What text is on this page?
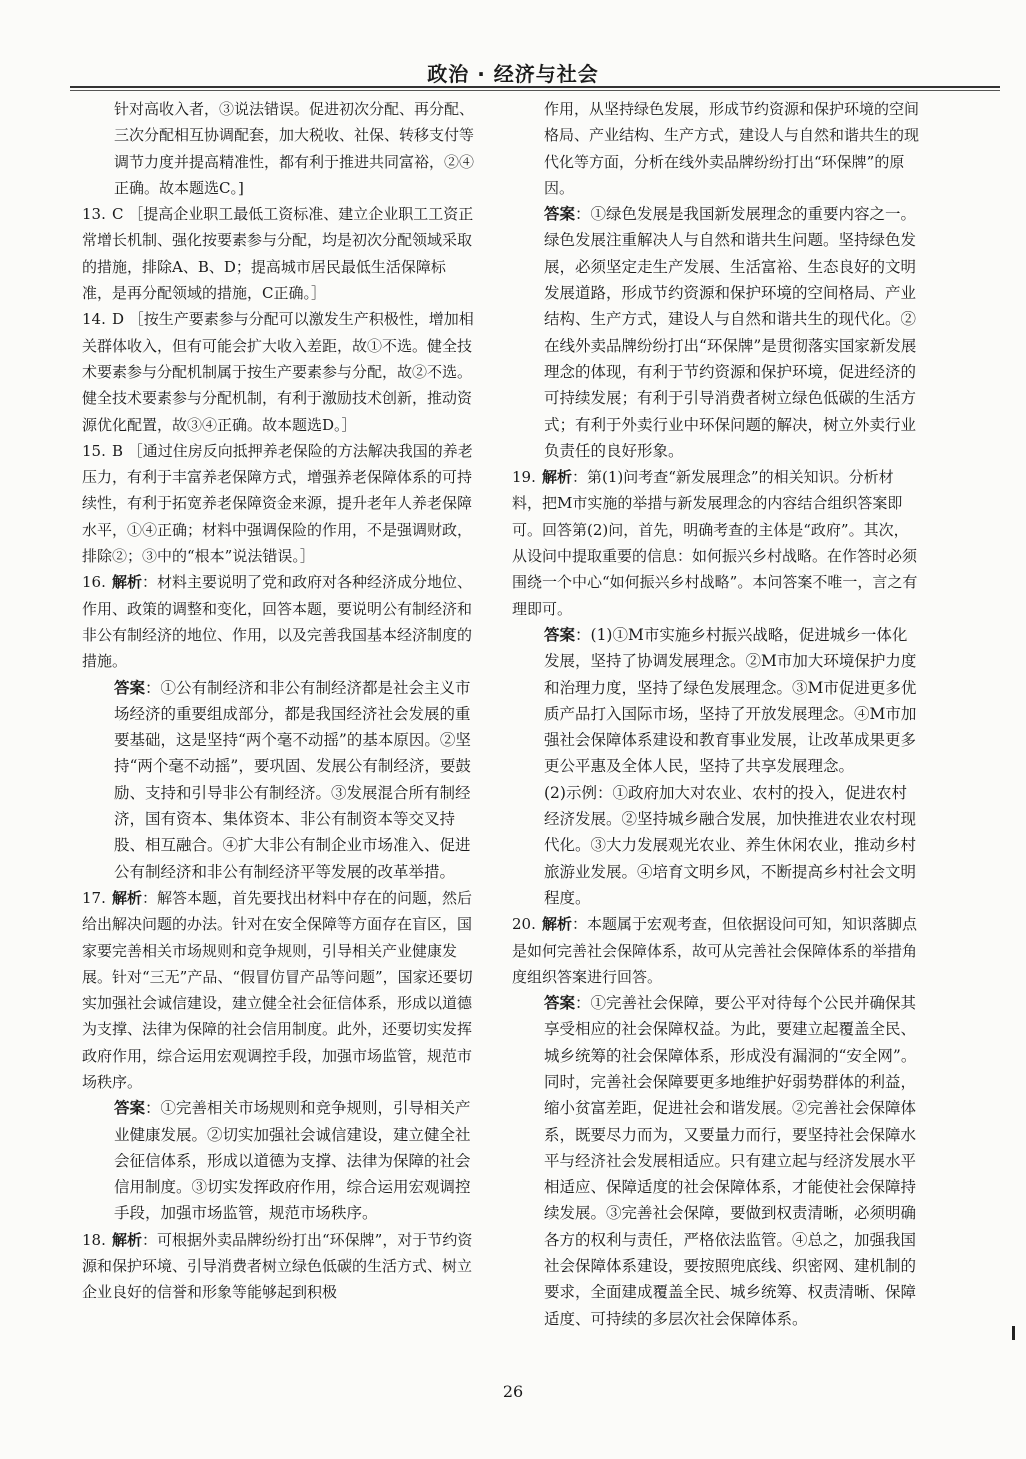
政治 · 经济与社会

针对高收入者，③说法错误。促进初次分配、再分配、三次分配相互协调配套，加大税收、社保、转移支付等调节力度并提高精准性，都有利于推进共同富裕，②④正确。故本题选C。]

13. C ［提高企业职工最低工资标准、建立企业职工工资正常增长机制、强化按要素参与分配，均是初次分配领域采取的措施，排除A、B、D；提高城市居民最低生活保障标准，是再分配领域的措施，C正确。］

14. D ［按生产要素参与分配可以激发生产积极性，增加相关群体收入，但有可能会扩大收入差距，故①不选。健全技术要素参与分配机制属于按生产要素参与分配，故②不选。健全技术要素参与分配机制，有利于激励技术创新，推动资源优化配置，故③④正确。故本题选D。］

15. B ［通过住房反向抵押养老保险的方法解决我国的养老压力，有利于丰富养老保障方式，增强养老保障体系的可持续性，有利于拓宽养老保障资金来源，提升老年人养老保障水平，①④正确；材料中强调保险的作用，不是强调财政，排除②；③中的“根本”说法错误。］

16. 解析：材料主要说明了党和政府对各种经济成分地位、作用、政策的调整和变化，回答本题，要说明公有制经济和非公有制经济的地位、作用，以及完善我国基本经济制度的措施。

答案：①公有制经济和非公有制经济都是社会主义市场经济的重要组成部分，都是我国经济社会发展的重要基础，这是坚持“两个毫不动摇”的基本原因。②坚持“两个毫不动摇”，要巩固、发展公有制经济，要鼓励、支持和引导非公有制经济。③发展混合所有制经济，国有资本、集体资本、非公有制资本等交叉持股、相互融合。④扩大非公有制企业市场准入、促进公有制经济和非公有制经济平等发展的改革举措。

17. 解析：解答本题，首先要找出材料中存在的问题，然后给出解决问题的办法。针对在安全保障等方面存在盲区，国家要完善相关市场规则和竞争规则，引导相关产业健康发展。针对“三无”产品、“假冒仿冒产品等问题”，国家还要切实加强社会诚信建设，建立健全社会征信体系，形成以道德为支撑、法律为保障的社会信用制度。此外，还要切实发挥政府作用，综合运用宏观调控手段，加强市场监管，规范市场秩序。

答案：①完善相关市场规则和竞争规则，引导相关产业健康发展。②切实加强社会诚信建设，建立健全社会征信体系，形成以道德为支撑、法律为保障的社会信用制度。③切实发挥政府作用，综合运用宏观调控手段，加强市场监管，规范市场秩序。

18. 解析：可根据外卖品牌纷纷打出“环保牌”，对于节约资源和保护环境、引导消费者树立绿色低碳的生活方式、树立企业良好的信誉和形象等能够起到积极

作用，从坚持绿色发展，形成节约资源和保护环境的空间格局、产业结构、生产方式，建设人与自然和谐共生的现代化等方面，分析在线外卖品牌纷纷打出“环保牌”的原因。

答案：①绿色发展是我国新发展理念的重要内容之一。绿色发展注重解决人与自然和谐共生问题。坚持绿色发展，必须坚定走生产发展、生活富裕、生态良好的文明发展道路，形成节约资源和保护环境的空间格局、产业结构、生产方式，建设人与自然和谐共生的现代化。②在线外卖品牌纷纷打出“环保牌”是贯彻落实国家新发展理念的体现，有利于节约资源和保护环境，促进经济的可持续发展；有利于引导消费者树立绿色低碳的生活方式；有利于外卖行业中环保问题的解决，树立外卖行业负责任的良好形象。

19. 解析：第(1)问考查“新发展理念”的相关知识。分析材料，把M市实施的举措与新发展理念的内容结合组织答案即可。回答第(2)问，首先，明确考查的主体是“政府”。其次，从设问中提取重要的信息：如何振兴乡村战略。在作答时必须围绕一个中心“如何振兴乡村战略”。本问答案不唯一，言之有理即可。

答案：(1)①M市实施乡村振兴战略，促进城乡一体化发展，坚持了协调发展理念。②M市加大环境保护力度和治理力度，坚持了绿色发展理念。③M市促进更多优质产品打入国际市场，坚持了开放发展理念。④M市加强社会保障体系建设和教育事业发展，让改革成果更多更公平惠及全体人民，坚持了共享发展理念。

(2)示例：①政府加大对农业、农村的投入，促进农村经济发展。②坚持城乡融合发展，加快推进农业农村现代化。③大力发展观光农业、养生休闲农业，推动乡村旅游业发展。④培育文明乡风，不断提高乡村社会文明程度。

20. 解析：本题属于宏观考查，但依据设问可知，知识落脚点是如何完善社会保障体系，故可从完善社会保障体系的举措角度组织答案进行回答。

答案：①完善社会保障，要公平对待每个公民并确保其享受相应的社会保障权益。为此，要建立起覆盖全民、城乡统筹的社会保障体系，形成没有漏洞的“安全网”。同时，完善社会保障要更多地维护好弱势群体的利益，缩小贫富差距，促进社会和谐发展。②完善社会保障体系，既要尽力而为，又要量力而行，要坚持社会保障水平与经济社会发展相适应。只有建立起与经济发展水平相适应、保障适度的社会保障体系，才能使社会保障持续发展。③完善社会保障，要做到权责清晰，必须明确各方的权利与责任，严格依法监管。④总之，加强我国社会保障体系建设，要按照兜底线、织密网、建机制的要求，全面建成覆盖全民、城乡统筹、权责清晰、保障适度、可持续的多层次社会保障体系。

26
